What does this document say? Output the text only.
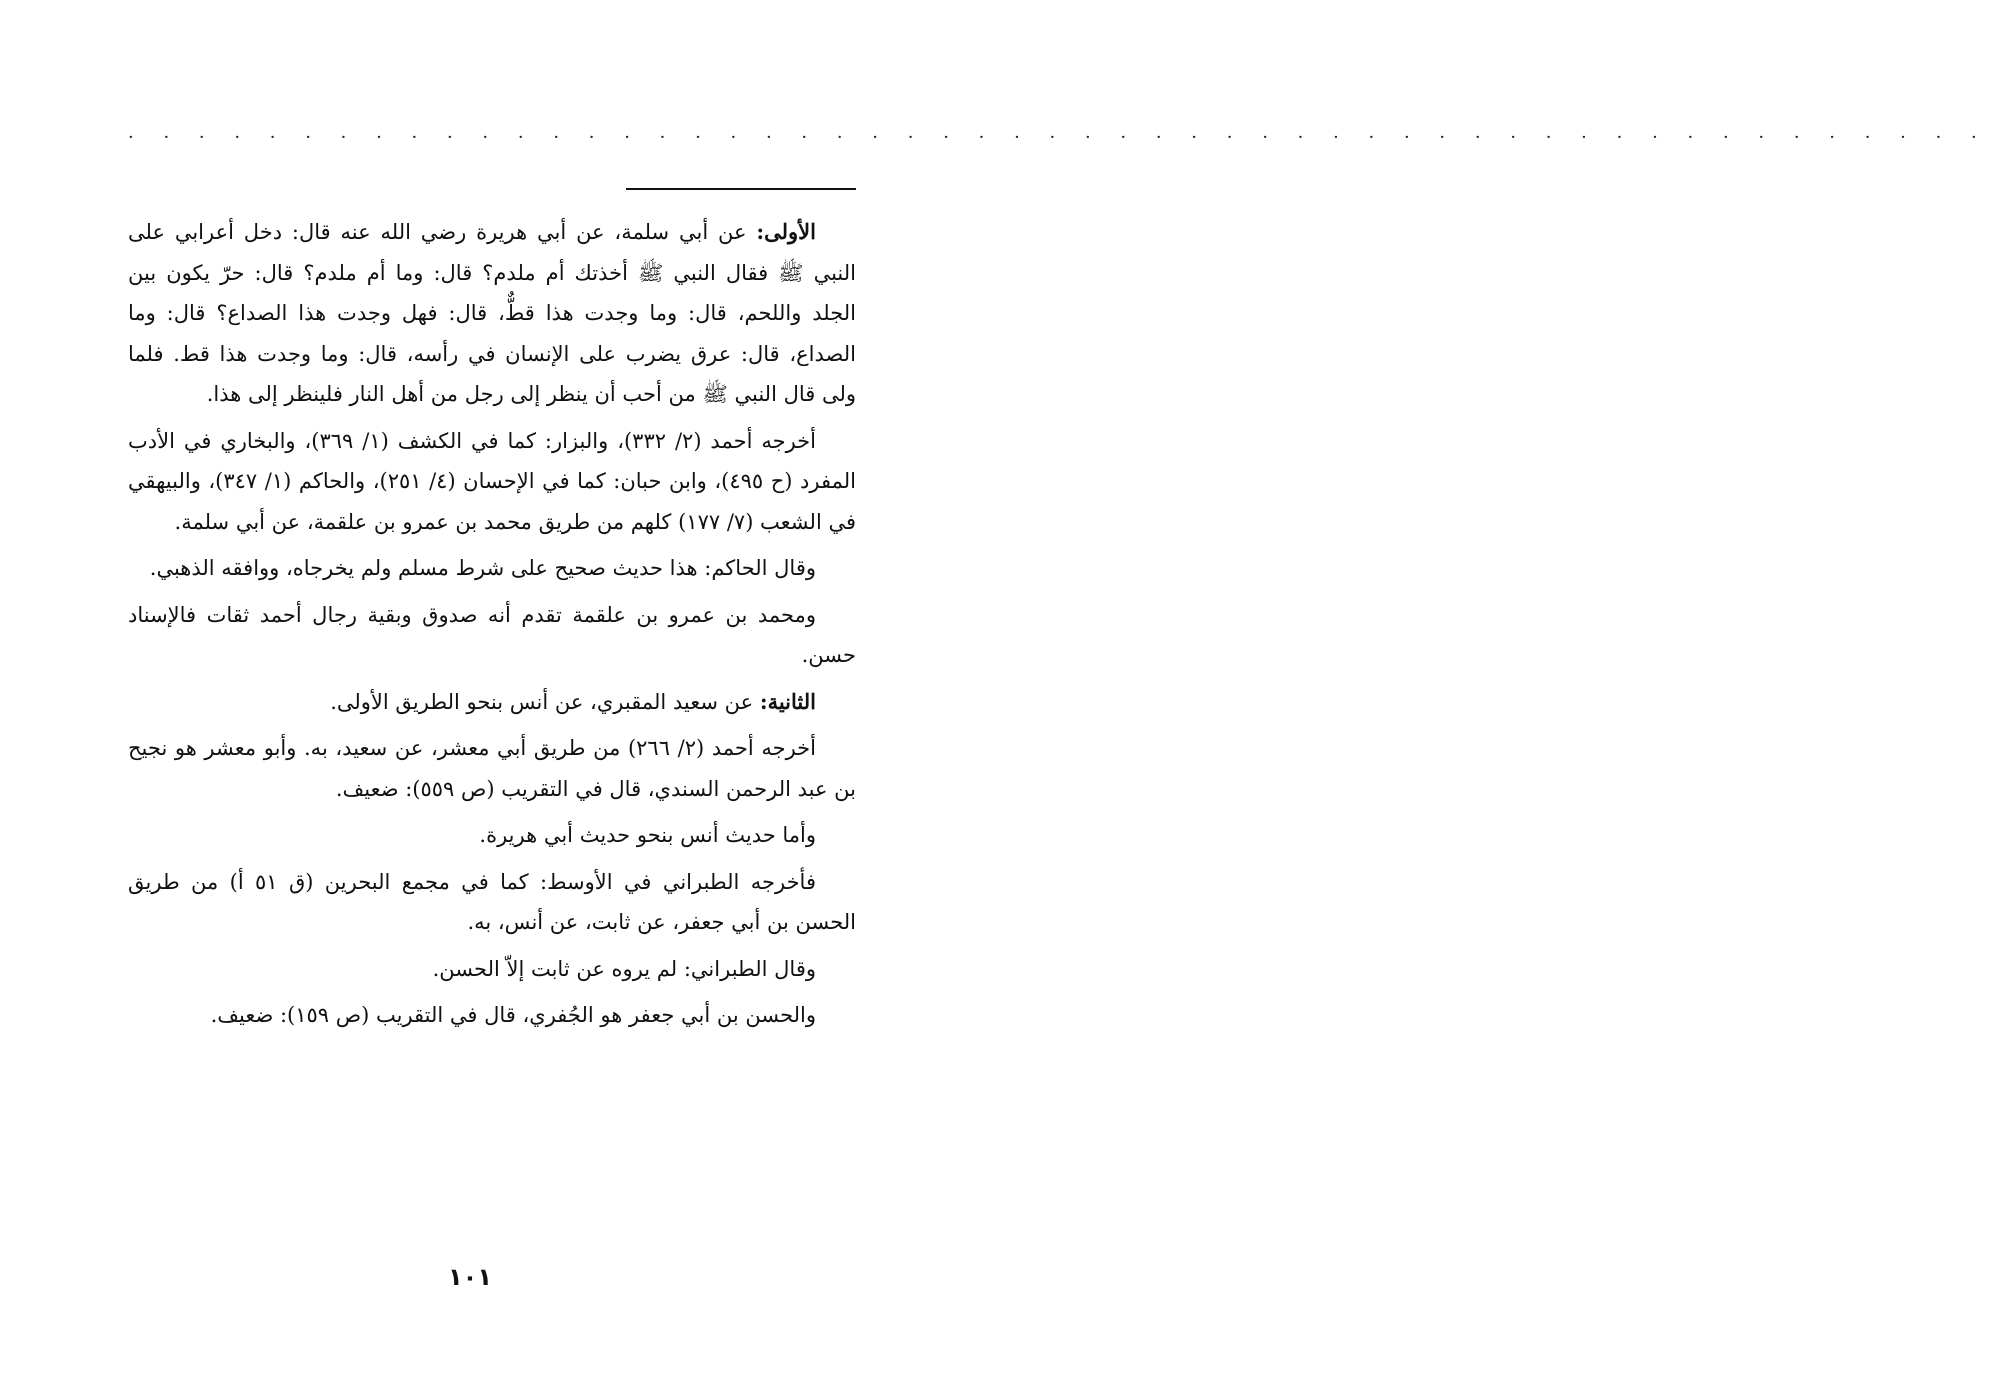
· · · · · · · · · · · · · · · · · · · · · · · · · · · · · · · · · · · · · · · · · · · · · · · · · · · · ·

الأولى: عن أبي سلمة، عن أبي هريرة رضي الله عنه قال: دخل أعرابي على النبي ﷺ فقال النبي ﷺ أخذتك أم ملدم؟ قال: وما أم ملدم؟ قال: حرّ يكون بين الجلد واللحم، قال: وما وجدت هذا قطٌّ، قال: فهل وجدت هذا الصداع؟ قال: وما الصداع، قال: عرق يضرب على الإنسان في رأسه، قال: وما وجدت هذا قط. فلما ولى قال النبي ﷺ من أحب أن ينظر إلى رجل من أهل النار فلينظر إلى هذا.

أخرجه أحمد (٢/ ٣٣٢)، والبزار: كما في الكشف (١/ ٣٦٩)، والبخاري في الأدب المفرد (ح ٤٩٥)، وابن حبان: كما في الإحسان (٤/ ٢٥١)، والحاكم (١/ ٣٤٧)، والبيهقي في الشعب (٧/ ١٧٧) كلهم من طريق محمد بن عمرو بن علقمة، عن أبي سلمة.

وقال الحاكم: هذا حديث صحيح على شرط مسلم ولم يخرجاه، ووافقه الذهبي.

ومحمد بن عمرو بن علقمة تقدم أنه صدوق وبقية رجال أحمد ثقات فالإسناد حسن.

الثانية: عن سعيد المقبري، عن أنس بنحو الطريق الأولى.

أخرجه أحمد (٢/ ٢٦٦) من طريق أبي معشر، عن سعيد، به. وأبو معشر هو نجيح بن عبد الرحمن السندي، قال في التقريب (ص ٥٥٩): ضعيف.

وأما حديث أنس بنحو حديث أبي هريرة.

فأخرجه الطبراني في الأوسط: كما في مجمع البحرين (ق ٥١ أ) من طريق الحسن بن أبي جعفر، عن ثابت، عن أنس، به.

وقال الطبراني: لم يروه عن ثابت إلاّ الحسن.

والحسن بن أبي جعفر هو الجُفري، قال في التقريب (ص ١٥٩): ضعيف.

١٠١
